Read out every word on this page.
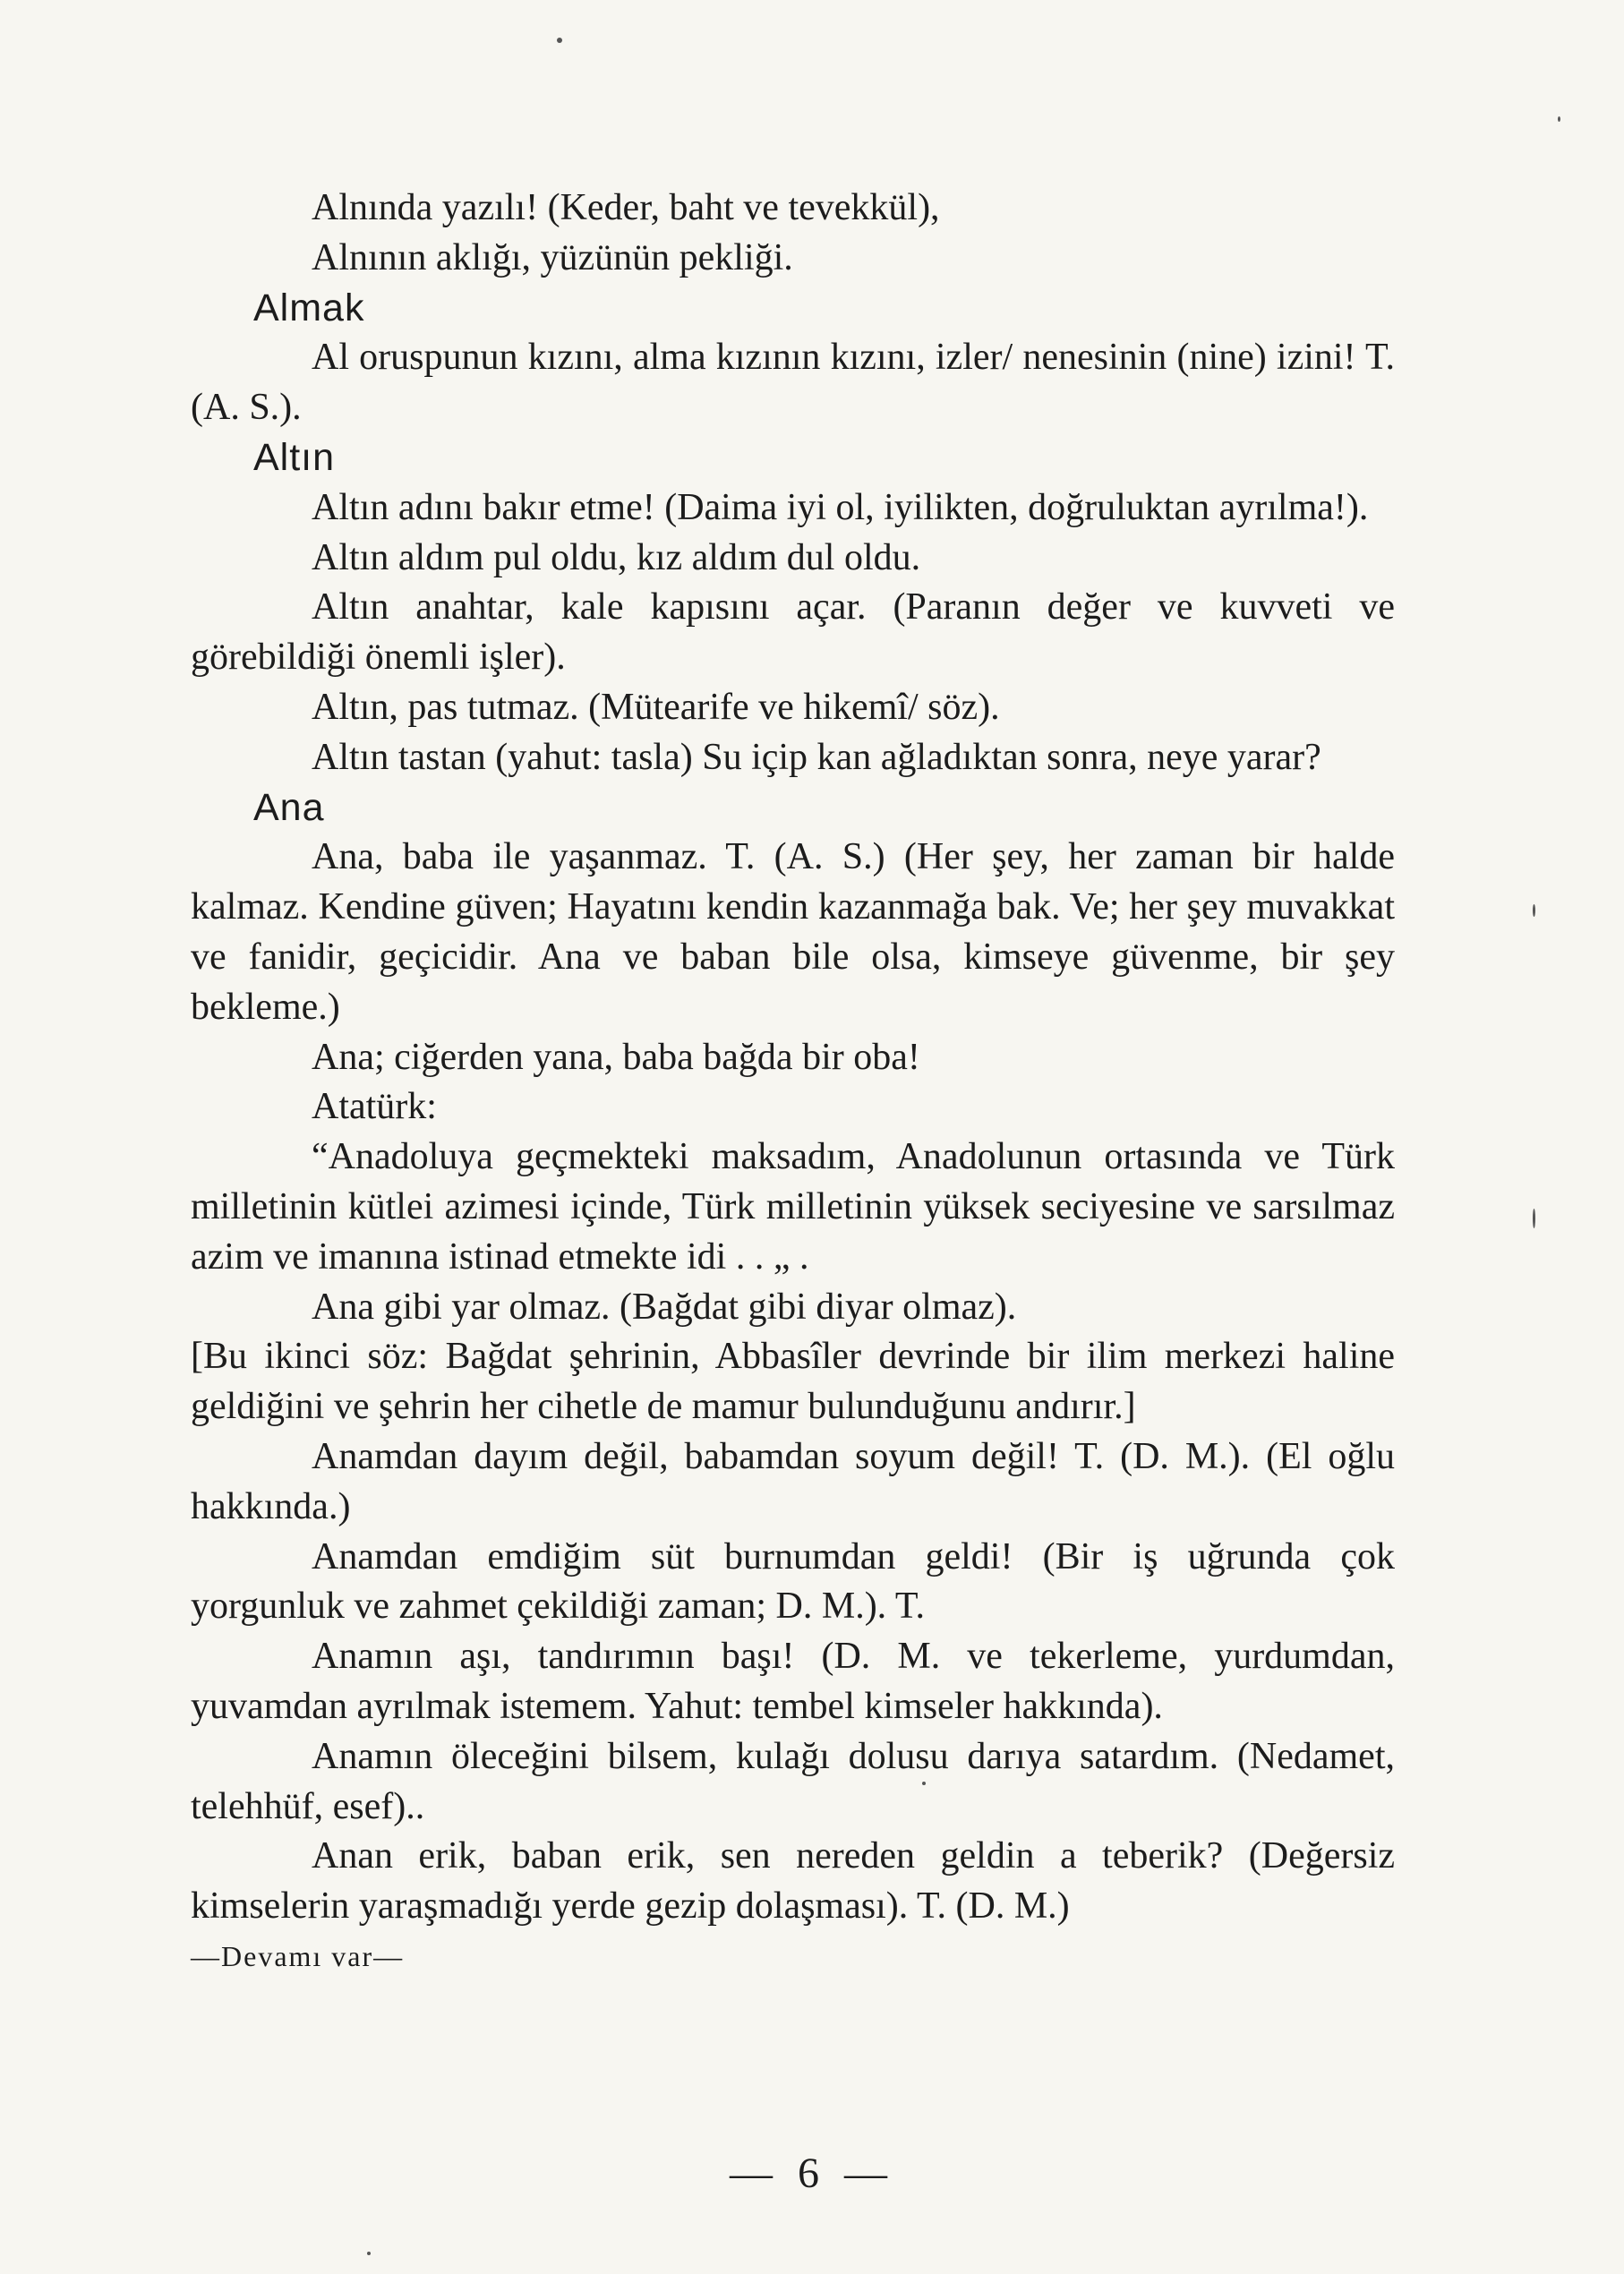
Alnında yazılı! (Keder, baht ve tevekkül),

Alnının aklığı, yüzünün pekliği.

Almak

Al oruspunun kızını, alma kızının kızını, izler/ nenesinin (nine) izini! T. (A. S.).

Altın

Altın adını bakır etme! (Daima iyi ol, iyilikten, doğruluktan ayrılma!).

Altın aldım pul oldu, kız aldım dul oldu.

Altın anahtar, kale kapısını açar. (Paranın değer ve kuvveti ve görebildiği önemli işler).

Altın, pas tutmaz. (Mütearife ve hikemî/ söz).

Altın tastan (yahut: tasla) Su içip kan ağladıktan sonra, neye yarar?

Ana

Ana, baba ile yaşanmaz. T. (A. S.) (Her şey, her zaman bir halde kalmaz. Kendine güven; Hayatını kendin kazanmağa bak. Ve; her şey muvakkat ve fanidir, geçicidir. Ana ve baban bile olsa, kimseye güvenme, bir şey bekleme.)

Ana; ciğerden yana, baba bağda bir oba!

Atatürk:

“Anadoluya geçmekteki maksadım, Anadolunun ortasında ve Türk milletinin kütlei azimesi içinde, Türk milletinin yüksek seciyesine ve sarsılmaz azim ve imanına istinad etmekte idi . . „ .

Ana gibi yar olmaz. (Bağdat gibi diyar olmaz).

[Bu ikinci söz: Bağdat şehrinin, Abbasîler devrinde bir ilim merkezi haline geldiğini ve şehrin her cihetle de mamur bulunduğunu andırır.]

Anamdan dayım değil, babamdan soyum değil! T. (D. M.). (El oğlu hakkında.)

Anamdan emdiğim süt burnumdan geldi! (Bir iş uğrunda çok yorgunluk ve zahmet çekildiği zaman; D. M.). T.

Anamın aşı, tandırımın başı! (D. M. ve tekerleme, yurdumdan, yuvamdan ayrılmak istemem. Yahut: tembel kimseler hakkında).

Anamın öleceğini bilsem, kulağı dolusu darıya satardım. (Nedamet, telehhüf, esef)..

Anan erik, baban erik, sen nereden geldin a teberik? (Değersiz kimselerin yaraşmadığı yerde gezip dolaşması). T. (D. M.)

—Devamı var—

— 6 —
